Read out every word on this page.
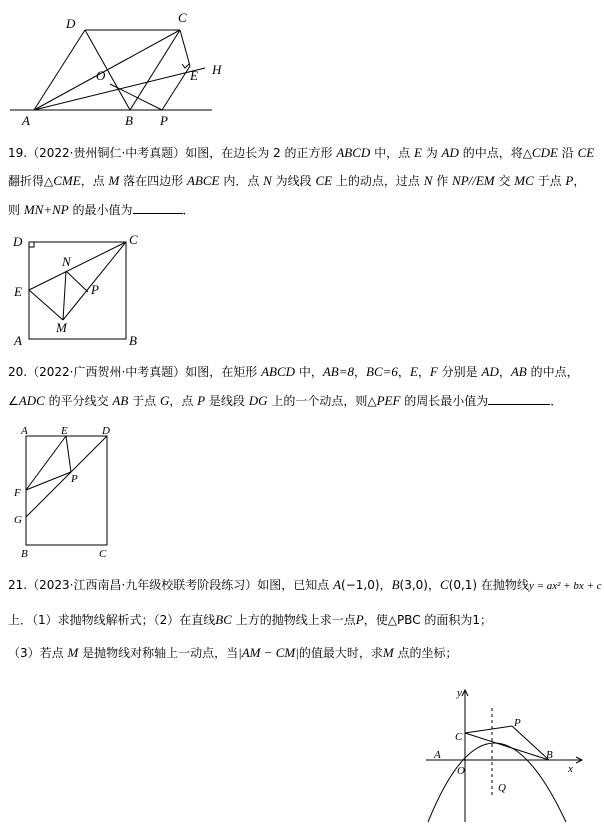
D	C
O	E H
A	B P
19.（2022·贵州铜仁·中考真题）如图，在边长为 2 的正方形 ABCD 中，点 E 为 AD 的中点，将△CDE 沿 CE
翻折得△CME，点 M 落在四边形 ABCE 内．点 N 为线段 CE 上的动点，过点 N 作 NP//EM 交 MC 于点 P，
则 MN+NP 的最小值为	．
D	C
N
E	P
M
A	B
20.（2022·广西贺州·中考真题）如图，在矩形 ABCD 中，AB=8，BC=6，E，F 分别是 AD，AB 的中点，
∠ADC 的平分线交 AB 于点 G，点 P 是线段 DG 上的一个动点，则△PEF 的周长最小值为	．
A	E	D
F
P
G
B	C
21.（2023·江西南昌·九年级校联考阶段练习）如图，已知点 A(−1,0)，B(3,0)，C(0,1) 在抛物线y = ax² + bx + c
上．（1）求抛物线解析式；（2）在直线BC 上方的抛物线上求一点P，使△PBC 的面积为1；
（3）若点 M 是抛物线对称轴上一动点，当|AM − CM|的值最大时，求M 点的坐标；
y
x
C
P
A
O
B
Q
